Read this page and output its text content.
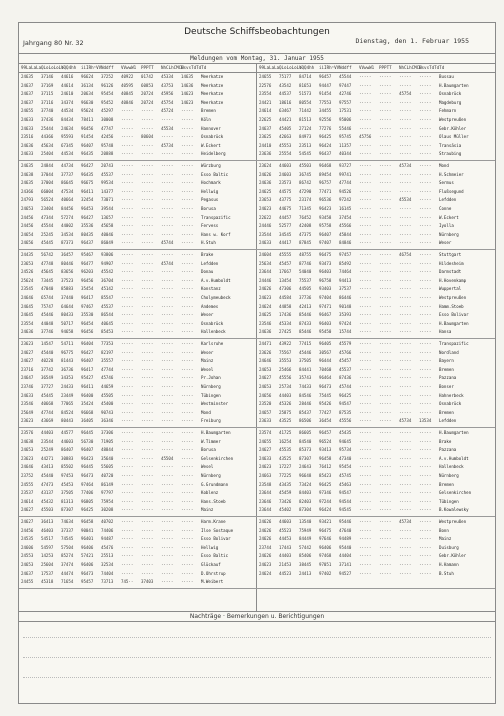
Deutsche Schiffsbeobachtungen
Jahrgang 80 Nr. 32	Dienstag, den 1. Februar 1955
Meldungen vom Montag, 31. Januar 1955
99LaLaLa QLoLoLoLo
YQQ4hh iiIRhᵊVV Nddff VVwwW1 PPPTT NhCLhCMCH
DsvsTdTdTd	99LaLaLa QLoLoLoLo
YQQ4hh iiIRhᵊVV Nddff VVwwW1 PPPTT NhCLhCMCH
DsvsTdTdTd
24635	37146	44616	96624	37252	40922	01742	45334	14635	Meerkatze	24655	75177	84714	96457	45544	·····	·····	·····	·····	Bussau
24637	37169	44614	36134	96126	40595	60853	43753	14636	Meerkatze	22576	43542	81653	94447	97447	·····	·····	·····	·····	H.Baumgarten
24637	37115	24610	20634	95454	40845	20724	45956	14623	Meerkatze	23554	44537	51573	91454	42746	·····	·····	45754	·····	Osnabrück
24637	37116	34374	96630	95452	40846	20724	45754	14623	Meerkatze	24421	18616	80554	77553	97557	·····	·····	·····	·····	Magdeburg
24655	37740	44534	95624	45297	·····	·····	45724	·····	Bremen	24614	63467	71442	34455	17531	·····	·····	·····	·····	Fehmarn
24633	37436	84434	78411	30008	·····	·····	·····	·····	Köln	22625	44421	81513	92556	95006	·····	·····	·····	·····	Westpreußen
24633	25444	24634	96456	47747	·····	·····	45534	·····	Hannover	24637	45405	27124	77276	55446	·····	·····	·····	·····	Gebr.Köhler
23516	44366	95593	91454	42456	·····	80604	·····	·····	Osnabrück	23625	42663	84973	96425	95745	45756	·····	·····	·····	Olaus Müller
24636	45634	67345	96407	95748	·····	·····	45734	·····	W.Eckert	24410	45553	23513	96424	11357	·····	·····	·····	·····	Transäsia
24633	25404	44534	96435	20888	·····	·····	·····	·····	Heidelberg	23636	25554	54545	96437	40344	·····	·····	·····	·····	Straubing
24635	24844	44734	96427	20743	·····	·····	·····	·····	Würzburg	23624	44603	45503	96468	93727	·····	·····	45734	·····	Mond
24638	37044	37737	96435	45537	·····	·····	·····	·····	Esso Baltic	24626	24603	36745	89454	99741	·····	·····	·····	·····	H.Schmeier
24635	37004	86645	96675	99534	·····	·····	·····	·····	Hochmark	24636	23573	86742	96757	47744	·····	·····	·····	·····	Sermus
24366	66004	47534	96411	14377	·····	·····	·····	·····	Hellwig	24625	44575	47290	77471	94526	·····	·····	·····	·····	Flußsegund
24793	56524	40664	32454	73071	·····	·····	·····	·····	Pegasus	23653	43775	23174	96536	97242	·····	·····	45534	·····	Lefdden
24653	23404	84456	96453	39544	·····	·····	·····	·····	Borusa	24623	44675	71345	96423	16145	·····	·····	·····	·····	Conne
24456	47344	57274	96427	13657	·····	·····	·····	·····	Transpazific	22622	44457	76452	93458	37454	·····	·····	·····	·····	W.Eckert
24456	45544	44002	35536	45658	·····	·····	·····	·····	Fervess	24446	52577	42408	95758	45566	·····	·····	·····	·····	Iyolla
24654	25245	34534	80435	40046	·····	·····	·····	·····	Hans w. Korf	23544	34545	47375	96407	45844	·····	·····	·····	·····	Nürnberg
24656	45445	87373	96437	86049	·····	·····	45744	·····	H.Stuh	24633	44417	87845	97407	84846	·····	·····	·····	·····	Weser
24435	56742	36457	95467	93806	·····	·····	·····	·····	Brake	24604	45555	48755	96475	97457	·····	·····	46754	·····	Stuttgart
23653	47748	80446	96477	94907	·····	·····	45744	·····	Lefdden	25634	45457	87746	93473	85492	·····	·····	·····	·····	Hildesheim
24526	45645	83656	96203	45542	·····	·····	·····	·····	Donau	23644	17667	54040	96403	74464	·····	·····	·····	·····	Darmstadt
25624	73445	37523	96456	36704	·····	·····	·····	·····	A.v.Humboldt	24446	13454	75537	96758	94413	·····	·····	·····	·····	H.Hovenkamp
23545	47040	85883	35454	45142	·····	·····	·····	·····	Konstanz	24626	47306	44505	93403	37537	·····	·····	·····	·····	Wuppertal
24646	65744	37440	96417	85547	·····	·····	·····	·····	Cholymeubeck	24623	44584	37736	97404	86446	·····	·····	·····	·····	Westpreußen
24645	75747	64644	97467	45537	·····	·····	·····	·····	Andemes	24624	44858	42413	97471	90148	·····	·····	·····	·····	Hamm.Stoeb
24645	45446	80433	35530	86544	·····	·····	·····	·····	Weser	24625	17436	85446	96467	35393	·····	·····	·····	·····	Esso Bolivar
23554	44048	50717	96454	40645	·····	·····	·····	·····	Osnabrück	23546	45334	87433	96403	97424	·····	·····	·····	·····	H.Baumgarten
24636	37746	94658	96456	85453	·····	·····	·····	·····	Hallenbeck	24636	27425	85446	95450	15744	·····	·····	·····	·····	Hansa
23623	14547	54711	96404	77353	·····	·····	·····	·····	Karlsruhe	24471	43922	77415	96405	45579	·····	·····	·····	·····	Transpazific
24627	45440	96775	96427	82197	·····	·····	·····	·····	Weser	23626	75567	45446	30567	45766	·····	·····	·····	·····	Nordland
24627	40228	81443	96407	35557	·····	·····	·····	·····	Mainz	24646	35553	37505	96444	45457	·····	·····	·····	·····	Bayern
23716	37742	36736	96417	47744	·····	·····	·····	·····	Wesel	24653	25466	84441	70460	45537	·····	·····	·····	·····	Bremen
24647	36549	34353	95427	45746	·····	·····	·····	·····	Pr.Johan	24627	45556	35743	96464	87436	·····	·····	·····	·····	Pazzana
23746	37727	24433	96411	44659	·····	·····	·····	·····	Nürnberg	24653	25734	74433	96473	45744	·····	·····	·····	·····	Bonser
24633	45445	23449	96400	45505	·····	·····	·····	·····	Tübingen	24656	44403	84546	75445	96425	·····	·····	·····	·····	Hahnerbeck
23546	40668	77065	35424	45400	·····	·····	·····	·····	Westminster	23520	45326	28446	95426	94547	·····	·····	·····	·····	Osnabrück
25649	47744	84524	96668	90743	·····	·····	·····	·····	Mond	24657	25875	85437	77427	87535	·····	·····	·····	·····	Bremen
23623	43669	80443	36405	36346	·····	·····	·····	·····	Freiburg	23633	43525	86506	36454	45556	·····	·····	45734	13534	Lefdden
23576	44403	44577	96445	37306	·····	·····	·····	·····	H.Baumgarten	23574	41725	86605	96457	45435	·····	·····	·····	·····	H.Baumgarten
24638	23544	44603	56730	71905	·····	·····	·····	·····	W.Timmer	24655	16254	84540	96524	94645	·····	·····	·····	·····	Brake
24653	25249	86407	96407	48844	·····	·····	·····	·····	Borusa	24627	45535	85373	93413	95734	·····	·····	·····	·····	Pazzana
23623	44271	30883	96423	35640	·····	·····	45504	·····	Gelsenkirchen	24633	43525	87307	96458	47340	·····	·····	·····	·····	A.v.Humboldt
24646	43413	85502	96445	55605	·····	·····	·····	·····	Wesel	24623	17227	24643	76412	95454	·····	·····	·····	·····	Hallenbeck
23752	45440	97453	96473	40720	·····	·····	·····	·····	Nürnberg	24663	77225	96648	85423	45745	·····	·····	·····	·····	Nürnberg
24555	47473	45453	97464	86149	·····	·····	·····	·····	G.Grundmann	23548	43435	73424	96425	45463	·····	·····	·····	·····	Bremen
23537	43137	37505	77406	97797	·····	·····	·····	·····	Koblenz	23644	45459	84403	97346	94547	·····	·····	·····	·····	Gelsenkirchen
24614	45432	81313	96805	75954	·····	·····	·····	·····	Hans.Stoeb	23646	73426	82403	97244	94544	·····	·····	·····	·····	Tübingen
24627	45503	87307	96425	30208	·····	·····	·····	·····	Mainz	23644	45402	87304	96424	94545	·····	·····	·····	·····	B.Kowalewsky
24627	36413	74634	96458	40702	·····	·····	·····	·····	Harm.Krane	24626	44603	13540	93421	95446	·····	·····	45734	·····	Westpreußen
24456	46403	37337	90041	74406	·····	·····	·····	·····	Ilse Sostaque	24626	45523	75949	96475	47640	·····	·····	·····	·····	Bonn
24535	54517	74545	96401	94487	·····	·····	·····	·····	Esso Bolivar	24626	44453	84449	97646	94489	·····	·····	·····	·····	Mainz
24606	54597	57504	96406	45476	·····	·····	·····	·····	Hellwig	23744	17443	57442	96406	95440	·····	·····	·····	·····	Duisburg
24553	14253	85274	57421	25513	·····	·····	·····	·····	Esso Baltic	24626	44403	85406	97468	44404	·····	·····	·····	·····	Gebr.Köhler
24653	25604	37474	96406	32534	·····	·····	·····	·····	Glückauf	24623	21453	38445	97051	37141	·····	·····	·····	·····	H.Hamann
24637	17537	44474	96473	74404	·····	·····	·····	·····	D.Ohrstrup	24624	44523	24413	97402	94527	·····	·····	·····	·····	B.Stuh
24455	45318	71654	95457	73713	745··	37403	·····	·····	M.Weibert
Nachträge · Bemerkungen u. Berichtigungen
